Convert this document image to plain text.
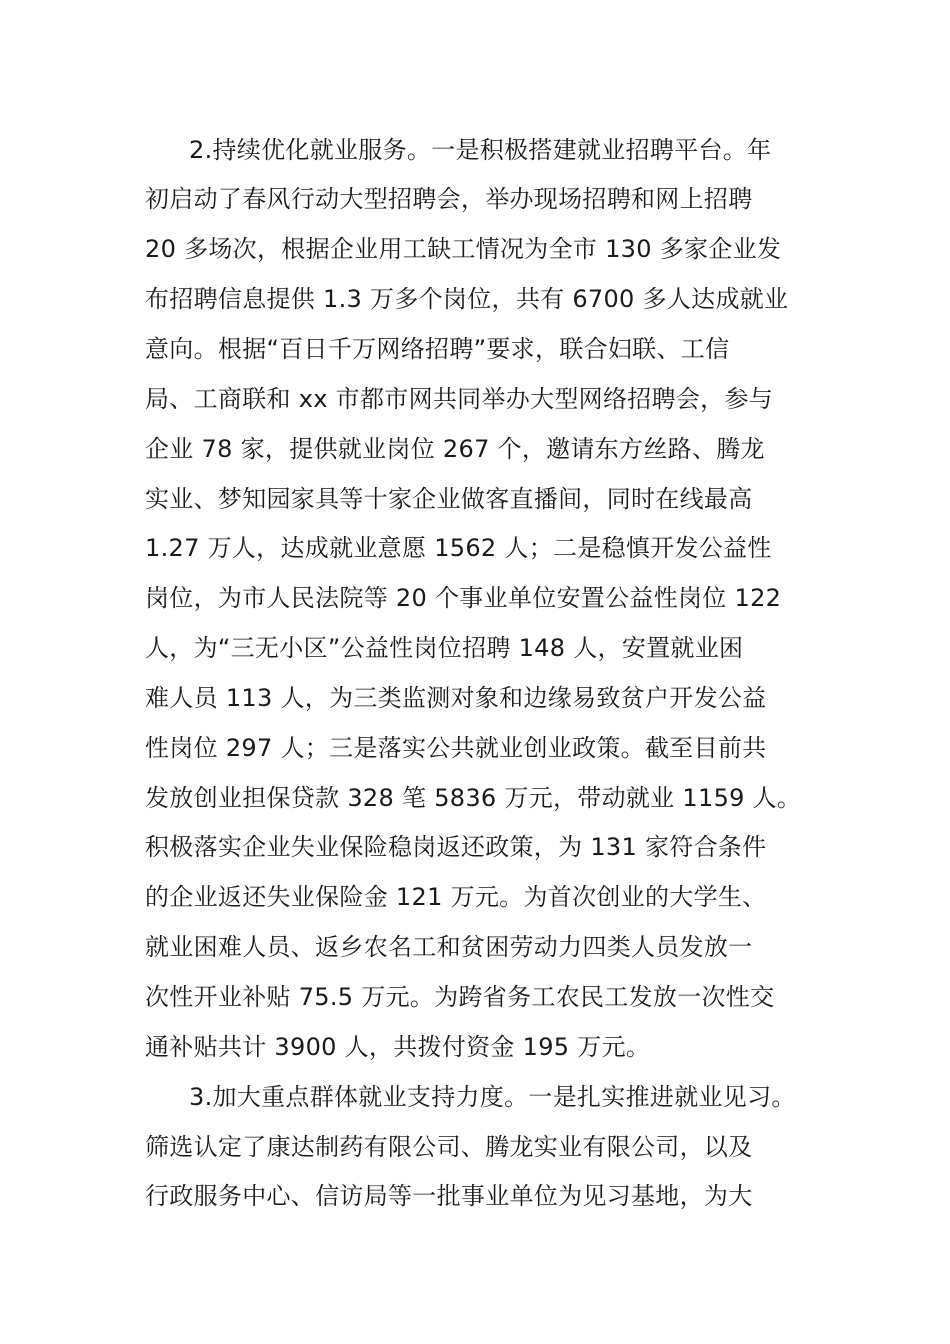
2.持续优化就业服务。一是积极搭建就业招聘平台。年
初启动了春风行动大型招聘会，举办现场招聘和网上招聘
20 多场次，根据企业用工缺工情况为全市 130 多家企业发
布招聘信息提供 1.3 万多个岗位，共有 6700 多人达成就业
意向。根据“百日千万网络招聘”要求，联合妇联、工信
局、工商联和 xx 市都市网共同举办大型网络招聘会，参与
企业 78 家，提供就业岗位 267 个，邀请东方丝路、腾龙
实业、梦知园家具等十家企业做客直播间，同时在线最高
1.27 万人，达成就业意愿 1562 人；二是稳慎开发公益性
岗位，为市人民法院等 20 个事业单位安置公益性岗位 122
人，为“三无小区”公益性岗位招聘 148 人，安置就业困
难人员 113 人，为三类监测对象和边缘易致贫户开发公益
性岗位 297 人；三是落实公共就业创业政策。截至目前共
发放创业担保贷款 328 笔 5836 万元，带动就业 1159 人。
积极落实企业失业保险稳岗返还政策，为 131 家符合条件
的企业返还失业保险金 121 万元。为首次创业的大学生、
就业困难人员、返乡农名工和贫困劳动力四类人员发放一
次性开业补贴 75.5 万元。为跨省务工农民工发放一次性交
通补贴共计 3900 人，共拨付资金 195 万元。
3.加大重点群体就业支持力度。一是扎实推进就业见习。
筛选认定了康达制药有限公司、腾龙实业有限公司，以及
行政服务中心、信访局等一批事业单位为见习基地，为大
